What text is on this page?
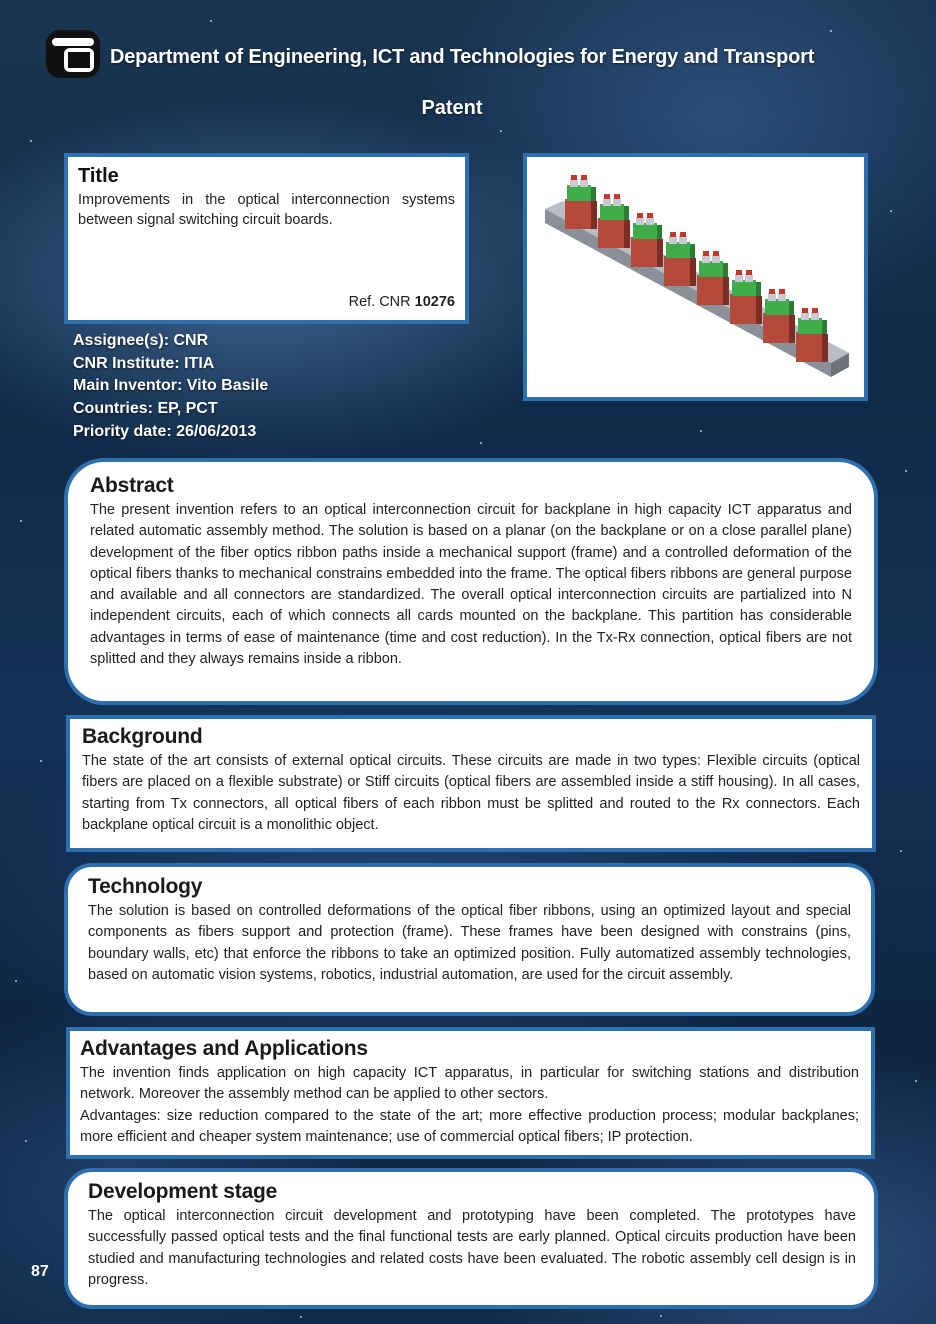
Department of Engineering, ICT and Technologies for Energy and Transport
Patent
Title

Improvements in the optical interconnection systems between signal switching circuit boards.

Ref. CNR 10276
Assignee(s): CNR
CNR Institute: ITIA
Main Inventor: Vito Basile
Countries: EP, PCT
Priority date: 26/06/2013
Abstract

The present invention refers to an optical interconnection circuit for backplane in high capacity ICT apparatus and related automatic assembly method. The solution is based on a planar (on the backplane or on a close parallel plane) development of the fiber optics ribbon paths inside a mechanical support (frame) and a controlled deformation of the optical fibers thanks to mechanical constrains embedded into the frame. The optical fibers ribbons are general purpose and available and all connectors are standardized. The overall optical interconnection circuits are partialized into N independent circuits, each of which connects all cards mounted on the backplane. This partition has considerable advantages in terms of ease of maintenance (time and cost reduction). In the Tx-Rx connection, optical fibers are not splitted and they always remains inside a ribbon.

Background

The state of the art consists of external optical circuits. These circuits are made in two types: Flexible circuits (optical fibers are placed on a flexible substrate) or Stiff circuits (optical fibers are assembled inside a stiff housing). In all cases, starting from Tx connectors, all optical fibers of each ribbon must be splitted and routed to the Rx connectors. Each backplane optical circuit is a monolithic object.

Technology

The solution is based on controlled deformations of the optical fiber ribbons, using an optimized layout and special components as fibers support and protection (frame). These frames have been designed with constrains (pins, boundary walls, etc) that enforce the ribbons to take an optimized position. Fully automatized assembly technologies, based on automatic vision systems, robotics, industrial automation, are used for the circuit assembly.

Advantages and Applications

The invention finds application on high capacity ICT apparatus, in particular for switching stations and distribution network. Moreover the assembly method can be applied to other sectors.

Advantages: size reduction compared to the state of the art; more effective production process; modular backplanes; more efficient and cheaper system maintenance; use of commercial optical fibers; IP protection.

Development stage

The optical interconnection circuit development and prototyping have been completed. The prototypes have successfully passed optical tests and the final functional tests are early planned. Optical circuits production have been studied and manufacturing technologies and related costs have been evaluated. The robotic assembly cell design is in progress.

87
